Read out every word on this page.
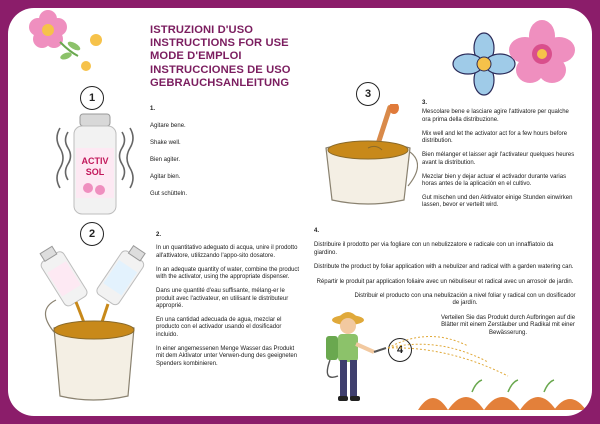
ISTRUZIONI D'USO
INSTRUCTIONS FOR USE
MODE D'EMPLOI
INSTRUCCIONES DE USO
GEBRAUCHSANLEITUNG
1
ACTIV
SOL

1.

Agitare bene.

Shake well.

Bien agiter.

Agitar bien.

Gut schütteln.

2	2.

In un quantitativo adeguato di acqua, unire il prodotto all'attivatore, utilizzando l'appo-sito dosatore.

In an adequate quantity of water, combine the product with the activator, using the appropriate dispenser.

Dans une quantité d'eau suffisante, mélang-er le produit avec l'activateur, en utilisant le distributeur approprié.

En una cantidad adecuada de agua, mezclar el producto con el activador usando el dosificador incluido.

In einer angemessenen Menge Wasser das Produkt mit dem Aktivator unter Verwen-dung des geeigneten Spenders kombinieren.

3

3.

Mescolare bene e lasciare agire l'attivatore per qualche ora prima della distribuzione.

Mix well and let the activator act for a few hours before distribution.

Bien mélanger et laisser agir l'activateur quelques heures avant la distribution.

Mezclar bien y dejar actuar el activador durante varias horas antes de la aplicación en el cultivo.

Gut mischen und den Aktivator einige Stunden einwirken lassen, bevor er verteilt wird.

4.

Distribuire il prodotto per via fogliare con un nebulizzatore e radicale con un innaffiatoio da giardino.

Distribute the product by foliar application with a nebulizer and radical with a garden watering can.

Répartir le produit par application foliaire avec un nébuliseur et radical avec un arrosoir de jardin.

Distribuir el producto con una nebulización a nivel foliar y radical con un dosificador de jardín.

Verteilen Sie das Produkt durch Aufbringen auf die Blätter mit einem Zerstäuber und Radikal mit einer Bewässerung.

4
